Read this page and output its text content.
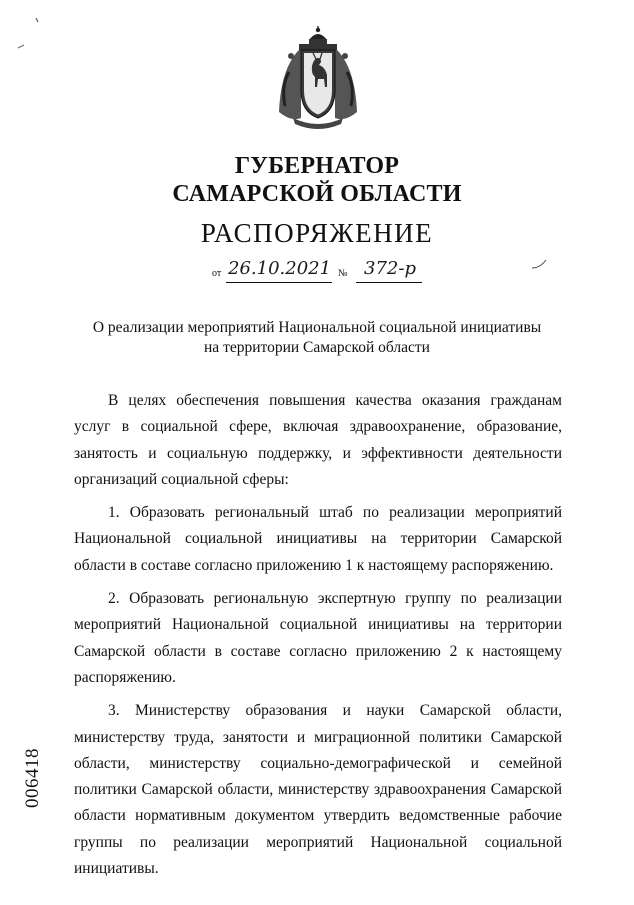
ГУБЕРНАТОР
САМАРСКОЙ ОБЛАСТИ
РАСПОРЯЖЕНИЕ
от 26.10.2021 № 372-р
О реализации мероприятий Национальной социальной инициативы
на территории Самарской области

В целях обеспечения повышения качества оказания гражданам услуг в социальной сфере, включая здравоохранение, образование, занятость и социальную поддержку, и эффективности деятельности организаций социальной сферы:

1. Образовать региональный штаб по реализации мероприятий Национальной социальной инициативы на территории Самарской области в составе согласно приложению 1 к настоящему распоряжению.

2. Образовать региональную экспертную группу по реализации мероприятий Национальной социальной инициативы на территории Самарской области в составе согласно приложению 2 к настоящему распоряжению.

3. Министерству образования и науки Самарской области, министерству труда, занятости и миграционной политики Самарской области, министерству социально-демографической и семейной политики Самарской области, министерству здравоохранения Самарской области нормативным документом утвердить ведомственные рабочие группы по реализации мероприятий Национальной социальной инициативы.

006418
